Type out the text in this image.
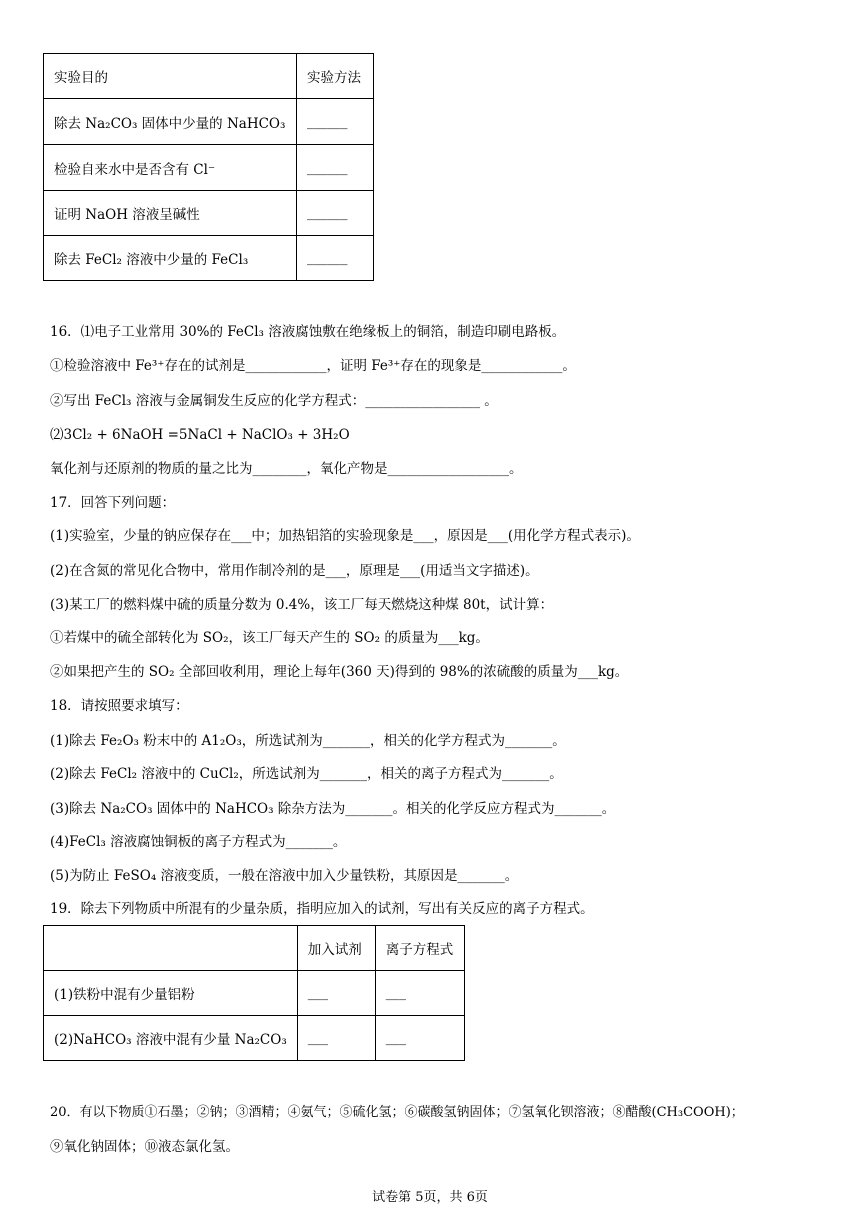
实验目的	实验方法
除去 Na₂CO₃ 固体中少量的 NaHCO₃	______
检验自来水中是否含有 Cl⁻	______
证明 NaOH 溶液呈碱性	______
除去 FeCl₂ 溶液中少量的 FeCl₃	______
16．⑴电子工业常用 30%的 FeCl₃ 溶液腐蚀敷在绝缘板上的铜箔，制造印刷电路板。
①检验溶液中 Fe³⁺存在的试剂是____________，证明 Fe³⁺存在的现象是____________。
②写出 FeCl₃ 溶液与金属铜发生反应的化学方程式：_________________ 。
⑵3Cl₂ + 6NaOH =5NaCl + NaClO₃ + 3H₂O
氧化剂与还原剂的物质的量之比为________，氧化产物是__________________。
17．回答下列问题：
(1)实验室，少量的钠应保存在___中；加热铝箔的实验现象是___，原因是___(用化学方程式表示)。
(2)在含氮的常见化合物中，常用作制冷剂的是___，原理是___(用适当文字描述)。
(3)某工厂的燃料煤中硫的质量分数为 0.4%，该工厂每天燃烧这种煤 80t，试计算：
①若煤中的硫全部转化为 SO₂，该工厂每天产生的 SO₂ 的质量为___kg。
②如果把产生的 SO₂ 全部回收利用，理论上每年(360 天)得到的 98%的浓硫酸的质量为___kg。
18．请按照要求填写：
(1)除去 Fe₂O₃ 粉末中的 A1₂O₃，所选试剂为_______，相关的化学方程式为_______。
(2)除去 FeCl₂ 溶液中的 CuCl₂，所选试剂为_______，相关的离子方程式为_______。
(3)除去 Na₂CO₃ 固体中的 NaHCO₃ 除杂方法为_______。相关的化学反应方程式为_______。
(4)FeCl₃ 溶液腐蚀铜板的离子方程式为_______。
(5)为防止 FeSO₄ 溶液变质，一般在溶液中加入少量铁粉，其原因是_______。
19．除去下列物质中所混有的少量杂质，指明应加入的试剂，写出有关反应的离子方程式。
	加入试剂	离子方程式
(1)铁粉中混有少量铝粉	___	___
(2)NaHCO₃ 溶液中混有少量 Na₂CO₃	___	___
20．有以下物质①石墨；②钠；③酒精；④氨气；⑤硫化氢；⑥碳酸氢钠固体；⑦氢氧化钡溶液；⑧醋酸(CH₃COOH)；
⑨氧化钠固体；⑩液态氯化氢。
试卷第 5页，共 6页
